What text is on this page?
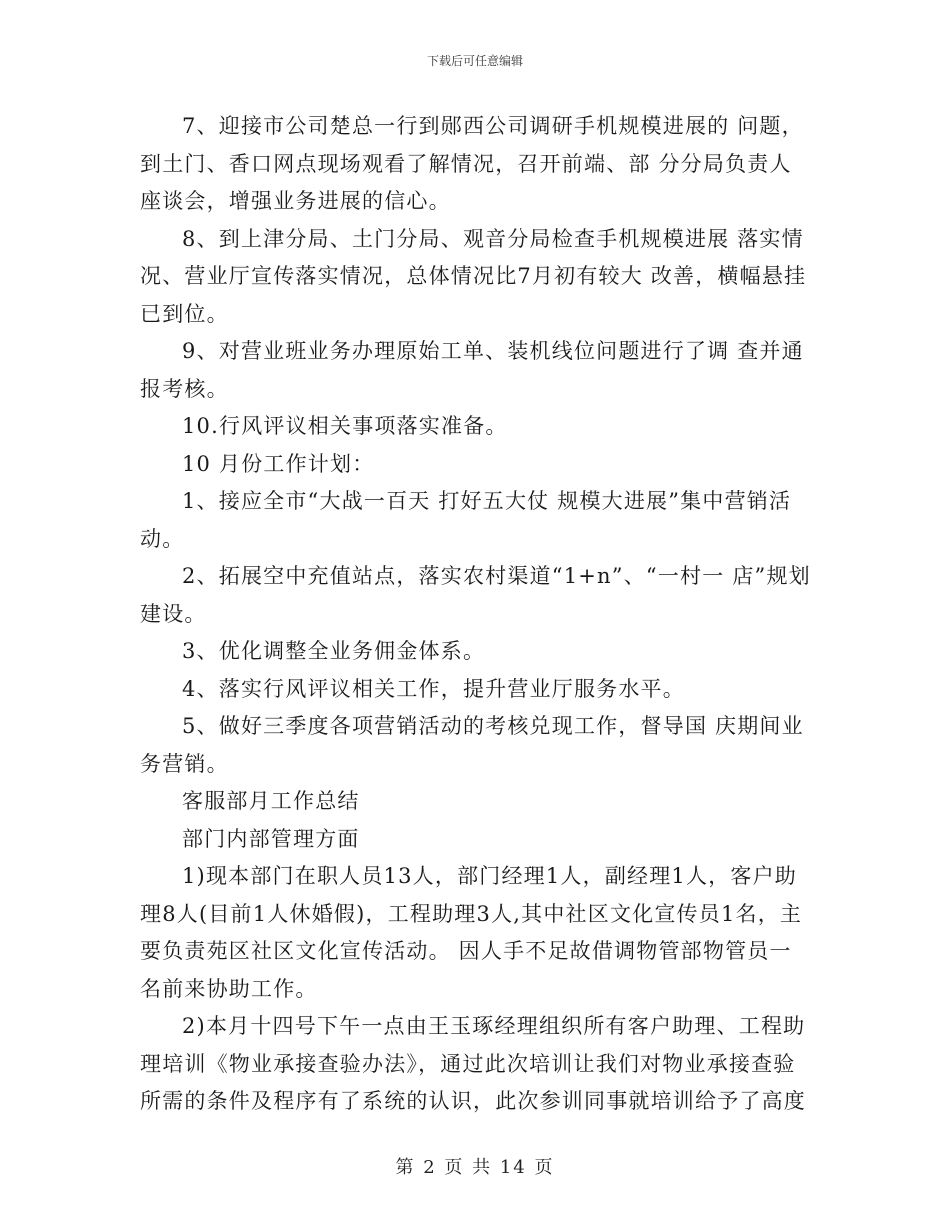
下载后可任意编辑

7、迎接市公司楚总一行到郧西公司调研手机规模进展的 问题，到土门、香口网点现场观看了解情况，召开前端、部 分分局负责人座谈会，增强业务进展的信心。

8、到上津分局、土门分局、观音分局检查手机规模进展 落实情况、营业厅宣传落实情况，总体情况比7月初有较大 改善，横幅悬挂已到位。

9、对营业班业务办理原始工单、装机线位问题进行了调 查并通报考核。

10.行风评议相关事项落实准备。

10 月份工作计划：

1、接应全市“大战一百天 打好五大仗 规模大进展”集中营销活动。

2、拓展空中充值站点，落实农村渠道“1+n”、“一村一 店”规划建设。

3、优化调整全业务佣金体系。

4、落实行风评议相关工作，提升营业厅服务水平。

5、做好三季度各项营销活动的考核兑现工作，督导国 庆期间业务营销。

客服部月工作总结

部门内部管理方面

1)现本部门在职人员13人，部门经理1人，副经理1人，客户助理8人(目前1人休婚假)，工程助理3人,其中社区文化宣传员1名，主要负责苑区社区文化宣传活动。 因人手不足故借调物管部物管员一名前来协助工作。

2)本月十四号下午一点由王玉琢经理组织所有客户助理、工程助理培训《物业承接查验办法》，通过此次培训让我们对物业承接查验所需的条件及程序有了系统的认识，此次参训同事就培训给予了高度

第 2 页 共 14 页
